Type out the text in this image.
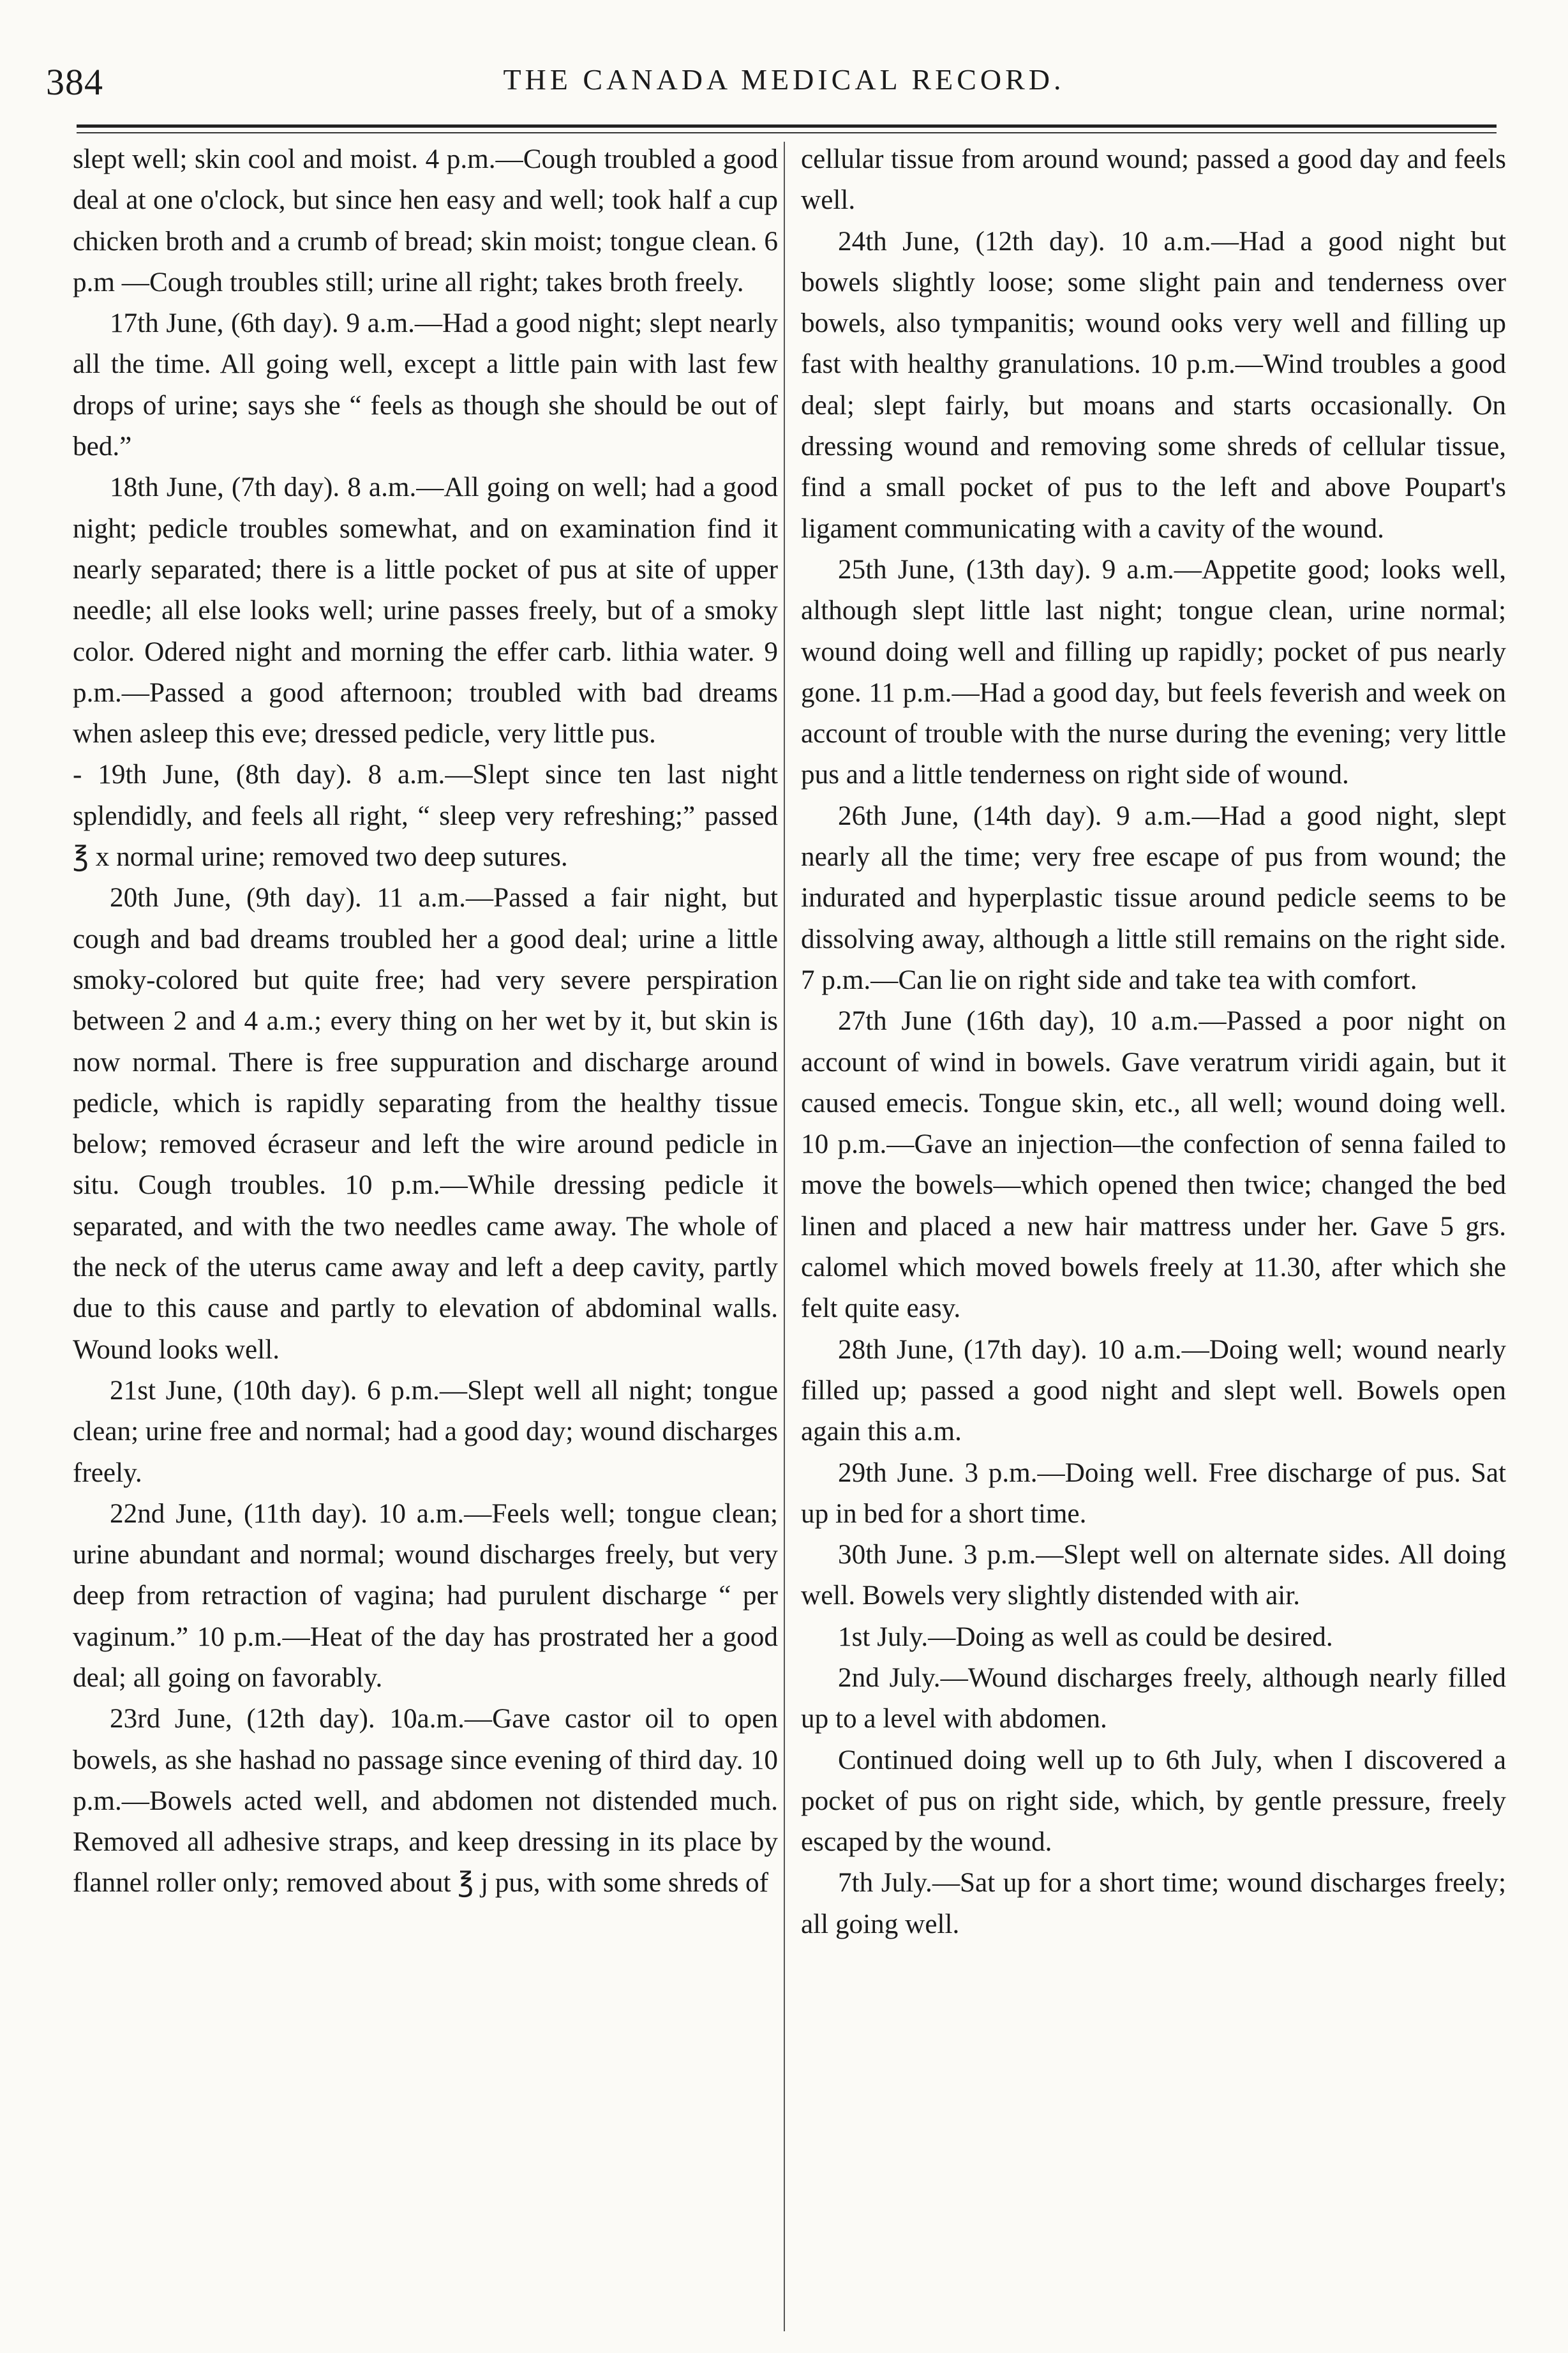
384	THE CANADA MEDICAL RECORD.

slept well; skin cool and moist. 4 p.m.—Cough troubled a good deal at one o'clock, but since hen easy and well; took half a cup chicken broth and a crumb of bread; skin moist; tongue clean. 6 p.m —Cough troubles still; urine all right; takes broth freely.

17th June, (6th day). 9 a.m.—Had a good night; slept nearly all the time. All going well, except a little pain with last few drops of urine; says she “ feels as though she should be out of bed.”

18th June, (7th day). 8 a.m.—All going on well; had a good night; pedicle troubles somewhat, and on examination find it nearly separated; there is a little pocket of pus at site of upper needle; all else looks well; urine passes freely, but of a smoky color. Odered night and morning the effer carb. lithia water. 9 p.m.—Passed a good afternoon; troubled with bad dreams when asleep this eve; dressed pedicle, very little pus.

- 19th June, (8th day). 8 a.m.—Slept since ten last night splendidly, and feels all right, “ sleep very refreshing;” passed ℥ x normal urine; removed two deep sutures.

20th June, (9th day). 11 a.m.—Passed a fair night, but cough and bad dreams troubled her a good deal; urine a little smoky-colored but quite free; had very severe perspiration between 2 and 4 a.m.; every thing on her wet by it, but skin is now normal. There is free suppuration and discharge around pedicle, which is rapidly separating from the healthy tissue below; removed écraseur and left the wire around pedicle in situ. Cough troubles. 10 p.m.—While dressing pedicle it separated, and with the two needles came away. The whole of the neck of the uterus came away and left a deep cavity, partly due to this cause and partly to elevation of abdominal walls. Wound looks well.

21st June, (10th day). 6 p.m.—Slept well all night; tongue clean; urine free and normal; had a good day; wound discharges freely.

22nd June, (11th day). 10 a.m.—Feels well; tongue clean; urine abundant and normal; wound discharges freely, but very deep from retraction of vagina; had purulent discharge “ per vaginum.” 10 p.m.—Heat of the day has prostrated her a good deal; all going on favorably.

23rd June, (12th day). 10a.m.—Gave castor oil to open bowels, as she hashad no passage since evening of third day. 10 p.m.—Bowels acted well, and abdomen not distended much. Removed all adhesive straps, and keep dressing in its place by flannel roller only; removed about ℥ j pus, with some shreds of

cellular tissue from around wound; passed a good day and feels well.

24th June, (12th day). 10 a.m.—Had a good night but bowels slightly loose; some slight pain and tenderness over bowels, also tympanitis; wound ooks very well and filling up fast with healthy granulations. 10 p.m.—Wind troubles a good deal; slept fairly, but moans and starts occasionally. On dressing wound and removing some shreds of cellular tissue, find a small pocket of pus to the left and above Poupart's ligament communicating with a cavity of the wound.

25th June, (13th day). 9 a.m.—Appetite good; looks well, although slept little last night; tongue clean, urine normal; wound doing well and filling up rapidly; pocket of pus nearly gone. 11 p.m.—Had a good day, but feels feverish and week on account of trouble with the nurse during the evening; very little pus and a little tenderness on right side of wound.

26th June, (14th day). 9 a.m.—Had a good night, slept nearly all the time; very free escape of pus from wound; the indurated and hyperplastic tissue around pedicle seems to be dissolving away, although a little still remains on the right side. 7 p.m.—Can lie on right side and take tea with comfort.

27th June (16th day), 10 a.m.—Passed a poor night on account of wind in bowels. Gave veratrum viridi again, but it caused emecis. Tongue skin, etc., all well; wound doing well. 10 p.m.—Gave an injection—the confection of senna failed to move the bowels—which opened then twice; changed the bed linen and placed a new hair mattress under her. Gave 5 grs. calomel which moved bowels freely at 11.30, after which she felt quite easy.

28th June, (17th day). 10 a.m.—Doing well; wound nearly filled up; passed a good night and slept well. Bowels open again this a.m.

29th June. 3 p.m.—Doing well. Free discharge of pus. Sat up in bed for a short time.

30th June. 3 p.m.—Slept well on alternate sides. All doing well. Bowels very slightly distended with air.

1st July.—Doing as well as could be desired.

2nd July.—Wound discharges freely, although nearly filled up to a level with abdomen.

Continued doing well up to 6th July, when I discovered a pocket of pus on right side, which, by gentle pressure, freely escaped by the wound.

7th July.—Sat up for a short time; wound discharges freely; all going well.
